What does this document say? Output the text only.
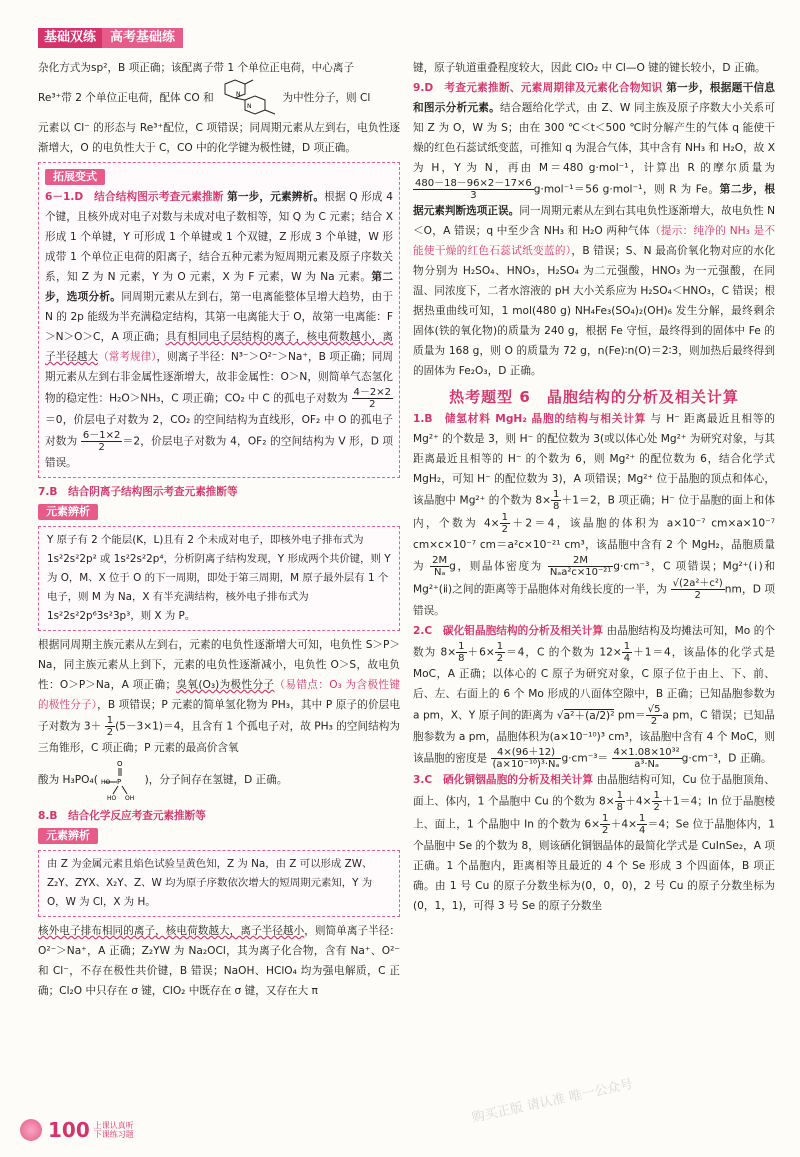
基础双练	高考基础练

杂化方式为sp²，B 项正确；该配离子带 1 个单位正电荷，中心离子

Re³⁺带 2 个单位正电荷，配体 CO 和	N
N
为中性分子，则 Cl

元素以 Cl⁻ 的形态与 Re³⁺配位，C 项错误；同周期元素从左到右，电负性逐渐增大，O 的电负性大于 C，CO 中的化学键为极性键，D 项正确。

拓展变式

6－1.D　结合结构图示考查元素推断 第一步，元素辨析。根据 Q 形成 4 个键，且核外成对电子对数与未成对电子数相等，知 Q 为 C 元素；结合 X 形成 1 个单键，Y 可形成 1 个单键或 1 个双键，Z 形成 3 个单键，W 形成带 1 个单位正电荷的阳离子，结合五种元素为短周期元素及原子序数关系，知 Z 为 N 元素，Y 为 O 元素，X 为 F 元素，W 为 Na 元素。第二步，选项分析。同周期元素从左到右，第一电离能整体呈增大趋势，由于 N 的 2p 能级为半充满稳定结构，其第一电离能大于 O，故第一电离能：F＞N＞O＞C，A 项正确；具有相同电子层结构的离子，核电荷数越小，离子半径越大（常考规律），则离子半径：N³⁻＞O²⁻＞Na⁺，B 项正确；同周期元素从左到右非金属性逐渐增大，故非金属性：O＞N，则简单气态氢化物的稳定性：H₂O＞NH₃，C 项正确；CO₂ 中 C 的孤电子对数为 $\frac{4-2\times 2}{2}$
＝0，价层电子对数为 2，CO₂ 的空间结构为直线形，OF₂ 中 O 的孤电子对数为 $\frac{6-1\times 2}{2} =2$，价层电子对数为 4，OF₂ 的空间结构为 V 形，D 项错误。

7.B　结合阴离子结构图示考查元素推断等
元素辨析
Y 原子有 2 个能层(K，L)且有 2 个未成对电子，即核外电子排布式为 1s²2s²2p² 或 1s²2s²2p⁴，分析阴离子结构发现，Y 形成两个共价键，则 Y 为 O，M、X 位于 O 的下一周期，即处于第三周期，M 原子最外层有 1 个电子，则 M 为 Na，X 有半充满结构，核外电子排布式为 1s²2s²2p⁶3s²3p³，则 X 为 P。

根据同周期主族元素从左到右，元素的电负性逐渐增大可知，电负性 S＞P＞Na，同主族元素从上到下，元素的电负性逐渐减小，电负性 O＞S，故电负性：O＞P＞Na，A 项正确；臭氧(O₃)为极性分子（易错点：O₃ 为含极性键的极性分子），B 项错误；P 元素的简单氢化物为 PH₃，其中 P 原子的价层电子对数为 $3+ \frac{1}{2} (5-3\times 1)=4$，且含有 1 个孤电子对，故 PH₃ 的空间结构为三角锥形，C 项正确；P 元素的最高价含氧

酸为 H₃PO₄(
O
P
HO
HO OH
)，分子间存在氢键，D 正确。

8.B　结合化学反应考查元素推断等
元素辨析
由 Z 为金属元素且焰色试验呈黄色知，Z 为 Na，由 Z 可以形成 ZW、Z₂Y、ZYX、X₂Y、Z、W 均为原子序数依次增大的短周期元素知，Y 为 O，W 为 Cl，X 为 H。

核外电子排布相同的离子，核电荷数越大，离子半径越小，则简单离子半径：O²⁻＞Na⁺，A 正确；Z₂YW 为 Na₂OCl，其为离子化合物，含有 Na⁺、O²⁻ 和 Cl⁻，不存在极性共价键，B 错误；NaOH、HClO₄ 均为强电解质，C 正确；Cl₂O 中只存在 σ 键，ClO₂ 中既存在 σ 键，又存在大 π

键，原子轨道重叠程度较大，因此 ClO₂ 中 Cl—O 键的键长较小，D 正确。

9.D　考查元素推断、元素周期律及元素化合物知识 第一步，根据题干信息和图示分析元素。结合题给化学式，由 Z、W 同主族及原子序数大小关系可知 Z 为 O，W 为 S；由在 300 ℃＜t＜500 ℃时分解产生的气体 q 能使干燥的红色石蕊试纸变蓝，可推知 q 为混合气体，其中含有 NH₃ 和 H₂O，故 X 为 H，Y 为 N，再由 M＝480 g·mol⁻¹，计算出 R 的摩尔质量为
$\frac{480-18-96\times 2-17\times 6}{3} g\cdot mol^{-1}=56$ g·mol⁻¹，则 R 为 Fe。第二步，根据元素判断选项正误。同一周期元素从左到右其电负性逐渐增大，故电负性 N＜O，A 错误；q 中至少含 NH₃ 和 H₂O 两种气体（提示：纯净的 NH₃ 是不能使干燥的红色石蕊试纸变蓝的），B 错误；S、N 最高价氧化物对应的水化物分别为 H₂SO₄、HNO₃，H₂SO₄ 为二元强酸，HNO₃ 为一元强酸，在同温、同浓度下，二者水溶液的 pH 大小关系应为 H₂SO₄＜HNO₃，C 错误；根据热重曲线可知，1 mol(480 g) NH₄Fe₃(SO₄)₂(OH)₆ 发生分解，最终剩余固体(铁的氧化物)的质量为 240 g，根据 Fe 守恒，最终得到的固体中 Fe 的质量为 168 g，则 O 的质量为 72 g，n(Fe)∶n(O)＝2∶3，则加热后最终得到的固体为 Fe₂O₃，D 正确。

热考题型 6　晶胞结构的分析及相关计算

1.B　储氢材料 MgH₂ 晶胞的结构与相关计算 与 H⁻ 距离最近且相等的 Mg²⁺ 的个数是 3，则 H⁻ 的配位数为 3(或以体心处 Mg²⁺ 为研究对象，与其距离最近且相等的 H⁻ 的个数为 6，则 Mg²⁺ 的配位数为 6，结合化学式 MgH₂，可知 H⁻ 的配位数为 3)，A 项错误；Mg²⁺ 位于晶胞的顶点和体心，该晶胞中 Mg²⁺ 的个数为 $8\times \frac{1}{8} +1=2$，B 项正确；H⁻ 位于晶胞的面上和体内，个数为 $4\times \frac{1}{2} +2=4$，该晶胞的体积为 a×10⁻⁷ cm×a×10⁻⁷ cm×c×10⁻⁷ cm＝a²c×10⁻²¹ cm³，该晶胞中含有 2 个 MgH₂，晶胞质量为 $\frac{2M}{\text{Nₐ}}$ g，则晶体密度为 $\frac{2M}{\text{Nₐa²c×10⁻²¹}} g\cdot cm^{-3}$，C 项错误；Mg²⁺(ⅰ)和 Mg²⁺(ⅱ)之间的距离等于晶胞体对角线长度的一半，为 $\frac{\text{√(2a²＋c²)}}{2}$ nm，D 项错误。

2.C　碳化钼晶胞结构的分析及相关计算 由晶胞结构及均摊法可知，Mo 的个数为 $8\times \frac{1}{8} +6\times \frac{1}{2} =4$，C 的个数为 $12\times \frac{1}{4} +1=4$，该晶体的化学式是 MoC，A 正确；以体心的 C 原子为研究对象，C 原子位于由上、下、前、后、左、右面上的 6 个 Mo 形成的八面体空隙中，B 正确；已知晶胞参数为 a pm，X、Y 原子间的距离为 √a²＋(a/2)² $pm= \frac{√5}{2}$ a pm，C 错误；已知晶胞参数为 a pm，晶胞体积为(a×10⁻¹⁰)³ cm³，该晶胞中含有 4 个 MoC，则该晶胞的密度是 $\frac{4\times(96+12)}{\text{(a×10⁻¹⁰)³·Nₐ}} g\cdot cm^{-3}= \frac{\text{4×1.08×10³²}}{\text{a³·Nₐ}} g\cdot cm^{-3}$，D 正确。

3.C　硒化铜铟晶胞的分析及相关计算 由晶胞结构可知，Cu 位于晶胞顶角、面上、体内，1 个晶胞中 Cu 的个数为 $8\times \frac{1}{8} +4\times \frac{1}{2} +1=4$；In 位于晶胞棱上、面上，1 个晶胞中 In 的个数为 $6\times \frac{1}{2} +4\times \frac{1}{4} =4$；Se 位于晶胞体内，1 个晶胞中 Se 的个数为 8，则该硒化铜铟晶体的最简化学式是 CuInSe₂，A 项正确。1 个晶胞内，距离相等且最近的 4 个 Se 形成 3 个四面体，B 项正确。由 1 号 Cu 的原子分数坐标为(0，0，0)，2 号 Cu 的原子分数坐标为(0，1，1)，可得 3 号 Se 的原子分数坐

购买正版 请认准 唯一公众号
100 上课认真听
下课练习题
